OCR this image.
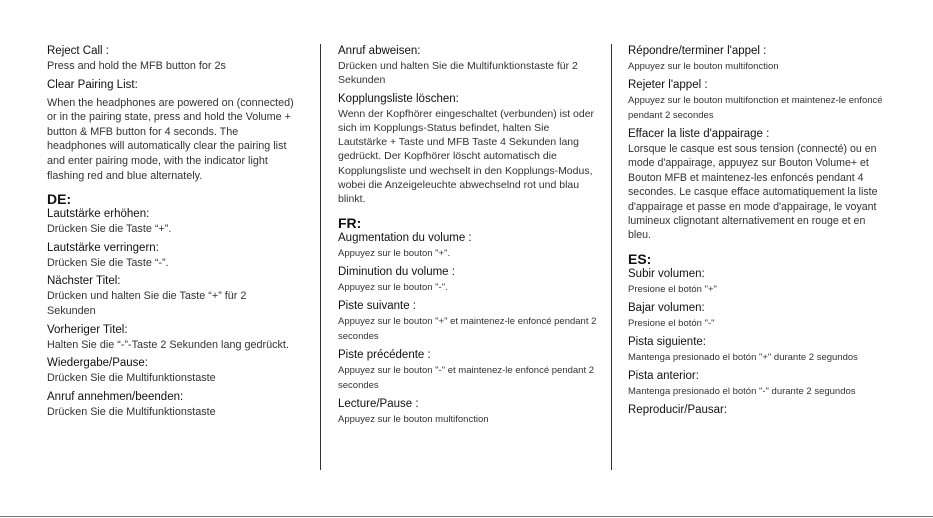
Reject Call :
Press and hold the MFB button for 2s
Clear Pairing List:
When the headphones are powered on (connected) or in the pairing state, press and hold the Volume + button & MFB button for 4 seconds. The headphones will automatically clear the pairing list and enter pairing mode, with the indicator light flashing red and blue alternately.
DE:
Lautstärke erhöhen:
Drücken Sie die Taste “+”.
Lautstärke verringern:
Drücken Sie die Taste “-”.
Nächster Titel:
Drücken und halten Sie die Taste “+” für 2 Sekunden
Vorheriger Titel:
Halten Sie die “-”-Taste 2 Sekunden lang gedrückt.
Wiedergabe/Pause:
Drücken Sie die Multifunktionstaste
Anruf annehmen/beenden:
Drücken Sie die Multifunktionstaste
Anruf abweisen:
Drücken und halten Sie die Multifunktionstaste für 2 Sekunden
Kopplungsliste löschen:
Wenn der Kopfhörer eingeschaltet (verbunden) ist oder sich im Kopplungs-Status befindet, halten Sie Lautstärke + Taste und MFB Taste 4 Sekunden lang gedrückt. Der Kopfhörer löscht automatisch die Kopplungsliste und wechselt in den Kopplungs-Modus, wobei die Anzeigeleuchte abwechselnd rot und blau blinkt.
FR:
Augmentation du volume :
Appuyez sur le bouton "+".
Diminution du volume :
Appuyez sur le bouton "-".
Piste suivante :
Appuyez sur le bouton "+" et maintenez-le enfoncé pendant 2 secondes
Piste précédente :
Appuyez sur le bouton "-" et maintenez-le enfoncé pendant 2 secondes
Lecture/Pause :
Appuyez sur le bouton multifonction
Répondre/terminer l'appel :
Appuyez sur le bouton multifonction
Rejeter l'appel :
Appuyez sur le bouton multifonction et maintenez-le enfoncé pendant 2 secondes
Effacer la liste d'appairage :
Lorsque le casque est sous tension (connecté) ou en mode d'appairage, appuyez sur Bouton Volume+ et Bouton MFB et maintenez-les enfoncés pendant 4 secondes. Le casque efface automatiquement la liste d'appairage et passe en mode d'appairage, le voyant lumineux clignotant alternativement en rouge et en bleu.
ES:
Subir volumen:
Presione el botón "+"
Bajar volumen:
Presione el botón "-"
Pista siguiente:
Mantenga presionado el botón "+" durante 2 segundos
Pista anterior:
Mantenga presionado el botón "-" durante 2 segundos
Reproducir/Pausar:
